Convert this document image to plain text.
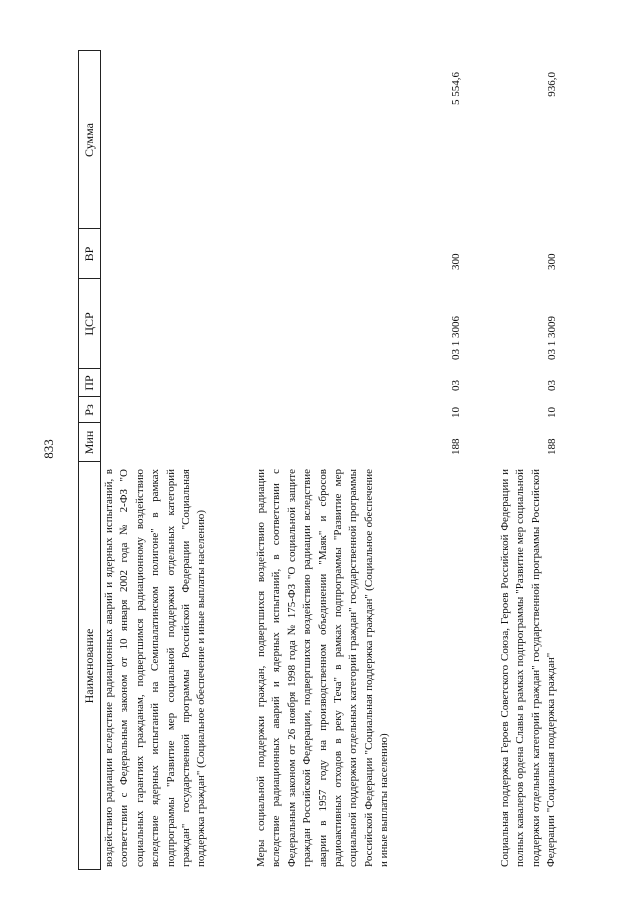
833
Наименование
Мин
Рз
ПР
ЦСР
ВР
Сумма
воздействию радиации вследствие радиационных аварий и ядерных испытаний, в соответствии с Федеральным законом от 10 января 2002 года № 2-ФЗ "О социальных гарантиях гражданам, подвергшимся радиационному воздействию вследствие ядерных испытаний на Семипалатинском полигоне" в рамках подпрограммы "Развитие мер социальной поддержки отдельных категорий граждан" государственной программы Российской Федерации "Социальная поддержка граждан" (Социальное обеспечение и иные выплаты населению)	Меры социальной поддержки граждан, подвергшихся воздействию радиации вследствие радиационных аварий и ядерных испытаний, в соответствии с Федеральным законом от 26 ноября 1998 года № 175-ФЗ "О социальной защите граждан Российской Федерации, подвергшихся воздействию радиации вследствие аварии в 1957 году на производственном объединении "Маяк" и сбросов радиоактивных отходов в реку Теча" в рамках подпрограммы "Развитие мер социальной поддержки отдельных категорий граждан" государственной программы Российской Федерации "Социальная поддержка граждан" (Социальное обеспечение и иные выплаты населению)
188
10
03
03 1 3006
300
5 554,6
Социальная поддержка Героев Советского Союза, Героев Российской Федерации и полных кавалеров ордена Славы в рамках подпрограммы "Развитие мер социальной поддержки отдельных категорий граждан" государственной программы Российской Федерации "Социальная поддержка граждан"
188
10
03
03 1 3009
300
936,0
